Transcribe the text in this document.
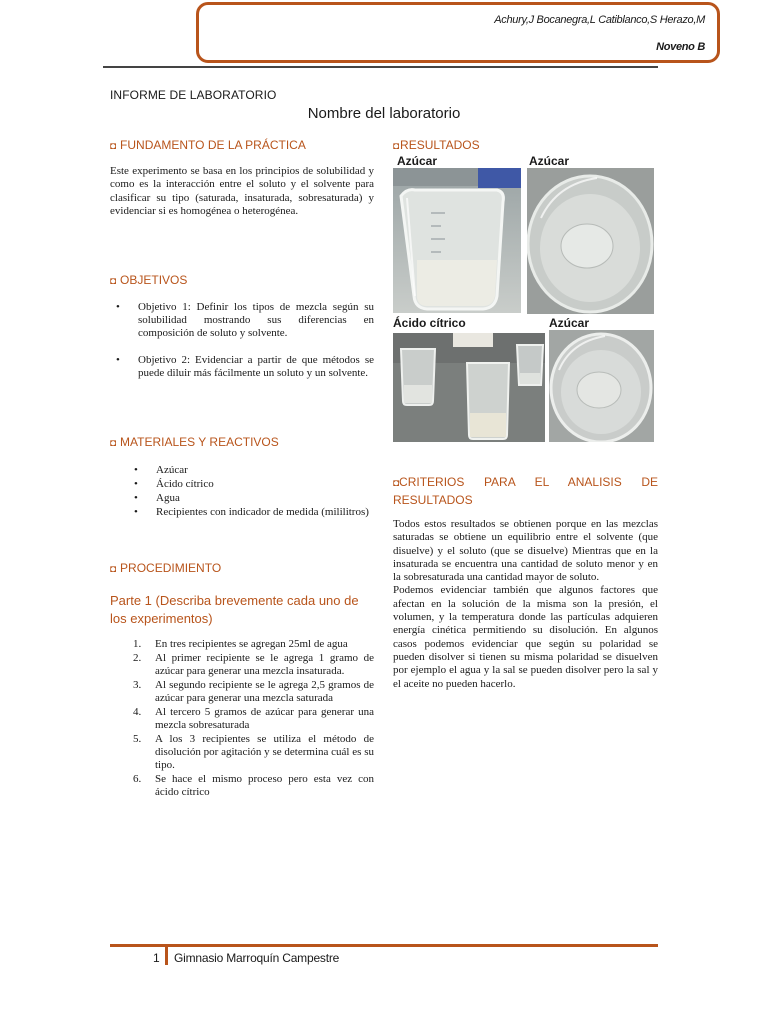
Achury,J Bocanegra,L Catiblanco,S Herazo,M
Noveno B
INFORME DE LABORATORIO
Nombre del laboratorio
◘ FUNDAMENTO DE LA PRÁCTICA
Este experimento se basa en los principios de solubilidad y como es la interacción entre el soluto y el solvente para clasificar su tipo (saturada, insaturada, sobresaturada) y evidenciar si es homogénea o heterogénea.
◘ OBJETIVOS
• Objetivo 1: Definir los tipos de mezcla según su solubilidad mostrando sus diferencias en composición de soluto y solvente.
• Objetivo 2: Evidenciar a partir de que métodos se puede diluir más fácilmente un soluto y un solvente.
◘ MATERIALES Y REACTIVOS
• Azúcar
• Ácido cítrico
• Agua
• Recipientes con indicador de medida (mililitros)
◘ PROCEDIMIENTO
Parte 1 (Describa brevemente cada uno de los experimentos)
1. En tres recipientes se agregan 25ml de agua
2. Al primer recipiente se le agrega 1 gramo de azúcar para generar una mezcla insaturada.
3. Al segundo recipiente se le agrega 2,5 gramos de azúcar para generar una mezcla saturada
4. Al tercero 5 gramos de azúcar para generar una mezcla sobresaturada
5. A los 3 recipientes se utiliza el método de disolución por agitación y se determina cuál es su tipo.
6. Se hace el mismo proceso pero esta vez con ácido cítrico
◘RESULTADOS
Azúcar	Azúcar
Ácido cítrico	Azúcar
◘CRITERIOS PARA EL ANALISIS DE
RESULTADOS
Todos estos resultados se obtienen porque en las mezclas saturadas se obtiene un equilibrio entre el solvente (que disuelve) y el soluto (que se disuelve) Mientras que en la insaturada se encuentra una cantidad de soluto menor y en la sobresaturada una cantidad mayor de soluto.
Podemos evidenciar también que algunos factores que afectan en la solución de la misma son la presión, el volumen, y la temperatura donde las partículas adquieren energía cinética permitiendo su disolución. En algunos casos podemos evidenciar que según su polaridad se pueden disolver si tienen su misma polaridad se disuelven por ejemplo el agua y la sal se pueden disolver pero la sal y el aceite no pueden hacerlo.
1 Gimnasio Marroquín Campestre
